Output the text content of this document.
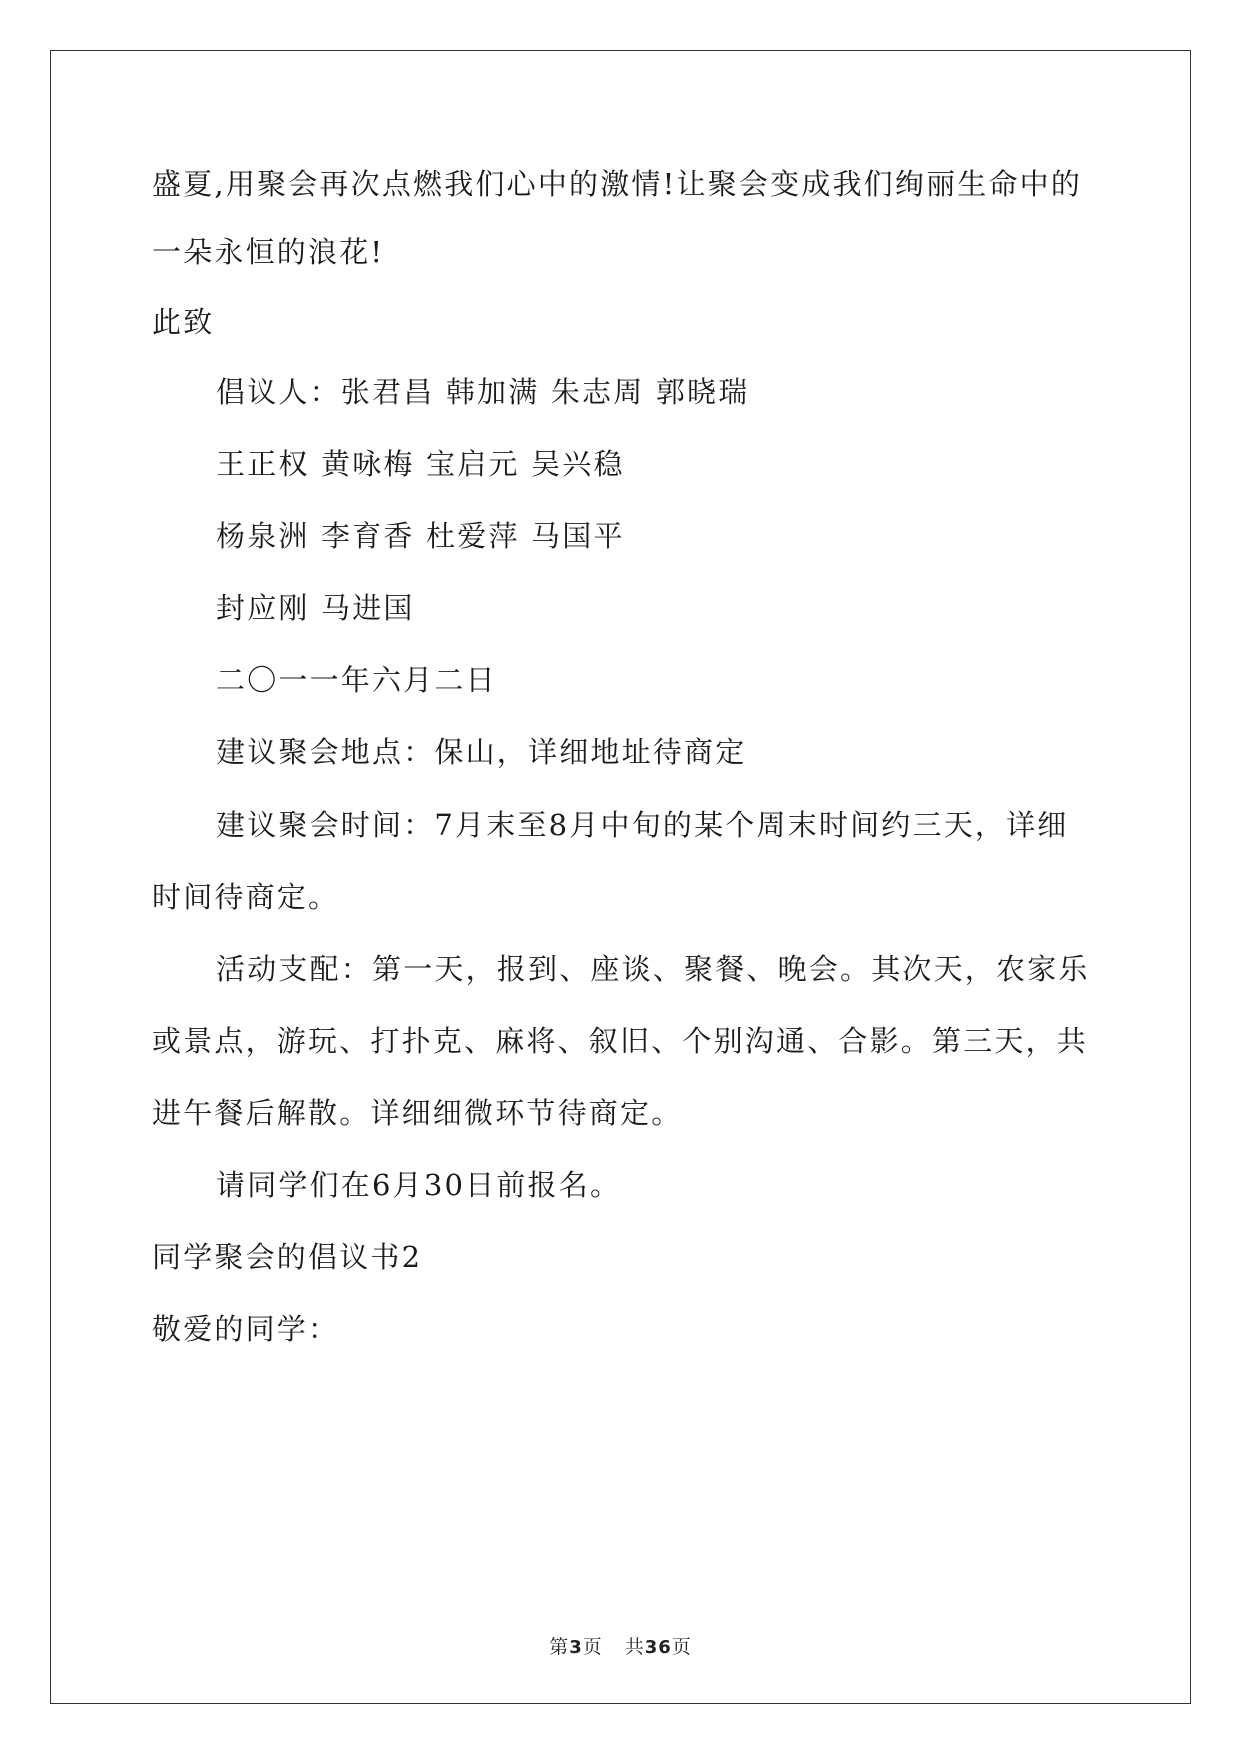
盛夏,用聚会再次点燃我们心中的激情!让聚会变成我们绚丽生命中的
一朵永恒的浪花!
此致
倡议人：张君昌 韩加满 朱志周 郭晓瑞
王正权 黄咏梅 宝启元 吴兴稳
杨泉洲 李育香 杜爱萍 马国平
封应刚 马进国
二〇一一年六月二日
建议聚会地点：保山，详细地址待商定
建议聚会时间：7月末至8月中旬的某个周末时间约三天，详细
时间待商定。
活动支配：第一天，报到、座谈、聚餐、晚会。其次天，农家乐
或景点，游玩、打扑克、麻将、叙旧、个别沟通、合影。第三天，共
进午餐后解散。详细细微环节待商定。
请同学们在6月30日前报名。
同学聚会的倡议书2
敬爱的同学：
第3页 共36页
